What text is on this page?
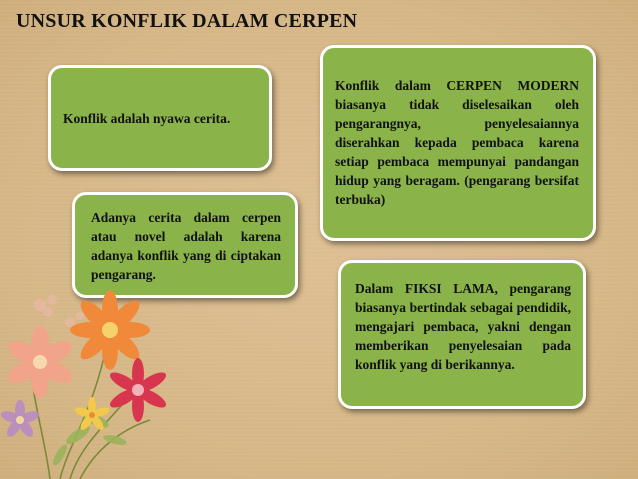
UNSUR KONFLIK DALAM CERPEN

Konflik adalah nyawa cerita.

Adanya cerita dalam cerpen atau novel adalah karena adanya konflik yang di ciptakan pengarang.

Konflik dalam CERPEN MODERN biasanya tidak diselesaikan oleh pengarangnya, penyelesaiannya diserahkan kepada pembaca karena setiap pembaca mempunyai pandangan hidup yang beragam. (pengarang bersifat terbuka)

Dalam FIKSI LAMA, pengarang biasanya bertindak sebagai pendidik, mengajari pembaca, yakni dengan memberikan penyelesaian pada konflik yang di berikannya.
